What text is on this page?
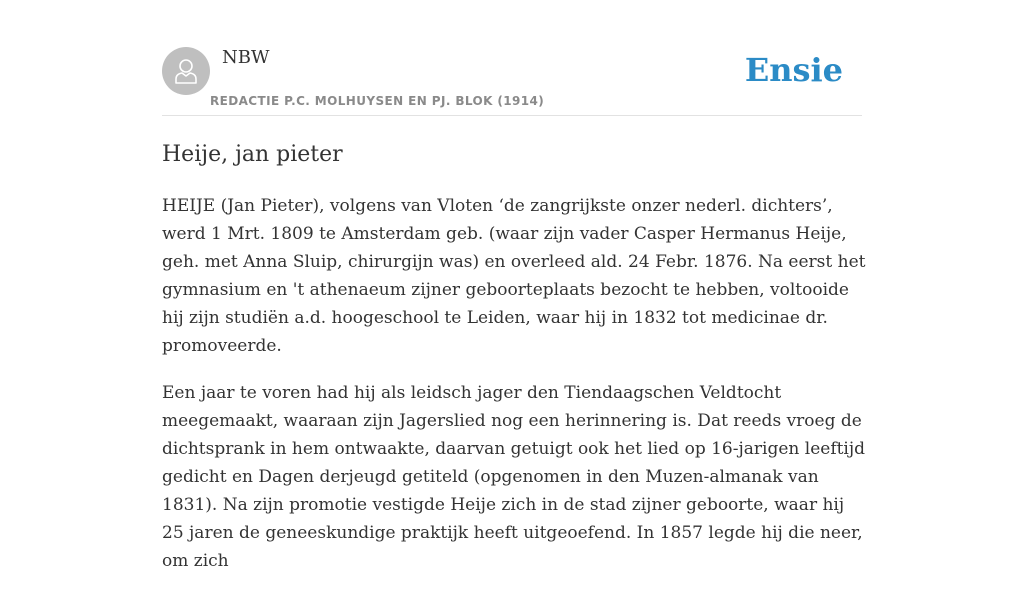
NBW
REDACTIE P.C. MOLHUYSEN EN PJ. BLOK (1914)
Ensie
Heije, jan pieter

HEIJE (Jan Pieter), volgens van Vloten ‘de zangrijkste onzer nederl. dichters’, werd 1 Mrt. 1809 te Amsterdam geb. (waar zijn vader Casper Hermanus Heije, geh. met Anna Sluip, chirurgijn was) en overleed ald. 24 Febr. 1876. Na eerst het gymnasium en 't athenaeum zijner geboorteplaats bezocht te hebben, voltooide hij zijn studiën a.d. hoogeschool te Leiden, waar hij in 1832 tot medicinae dr. promoveerde.

Een jaar te voren had hij als leidsch jager den Tiendaagschen Veldtocht meegemaakt, waaraan zijn Jagerslied nog een herinnering is. Dat reeds vroeg de dichtsprank in hem ontwaakte, daarvan getuigt ook het lied op 16-jarigen leeftijd gedicht en Dagen derjeugd getiteld (opgenomen in den Muzen-almanak van 1831). Na zijn promotie vestigde Heije zich in de stad zijner geboorte, waar hij 25 jaren de geneeskundige praktijk heeft uitgeoefend. In 1857 legde hij die neer, om zich
